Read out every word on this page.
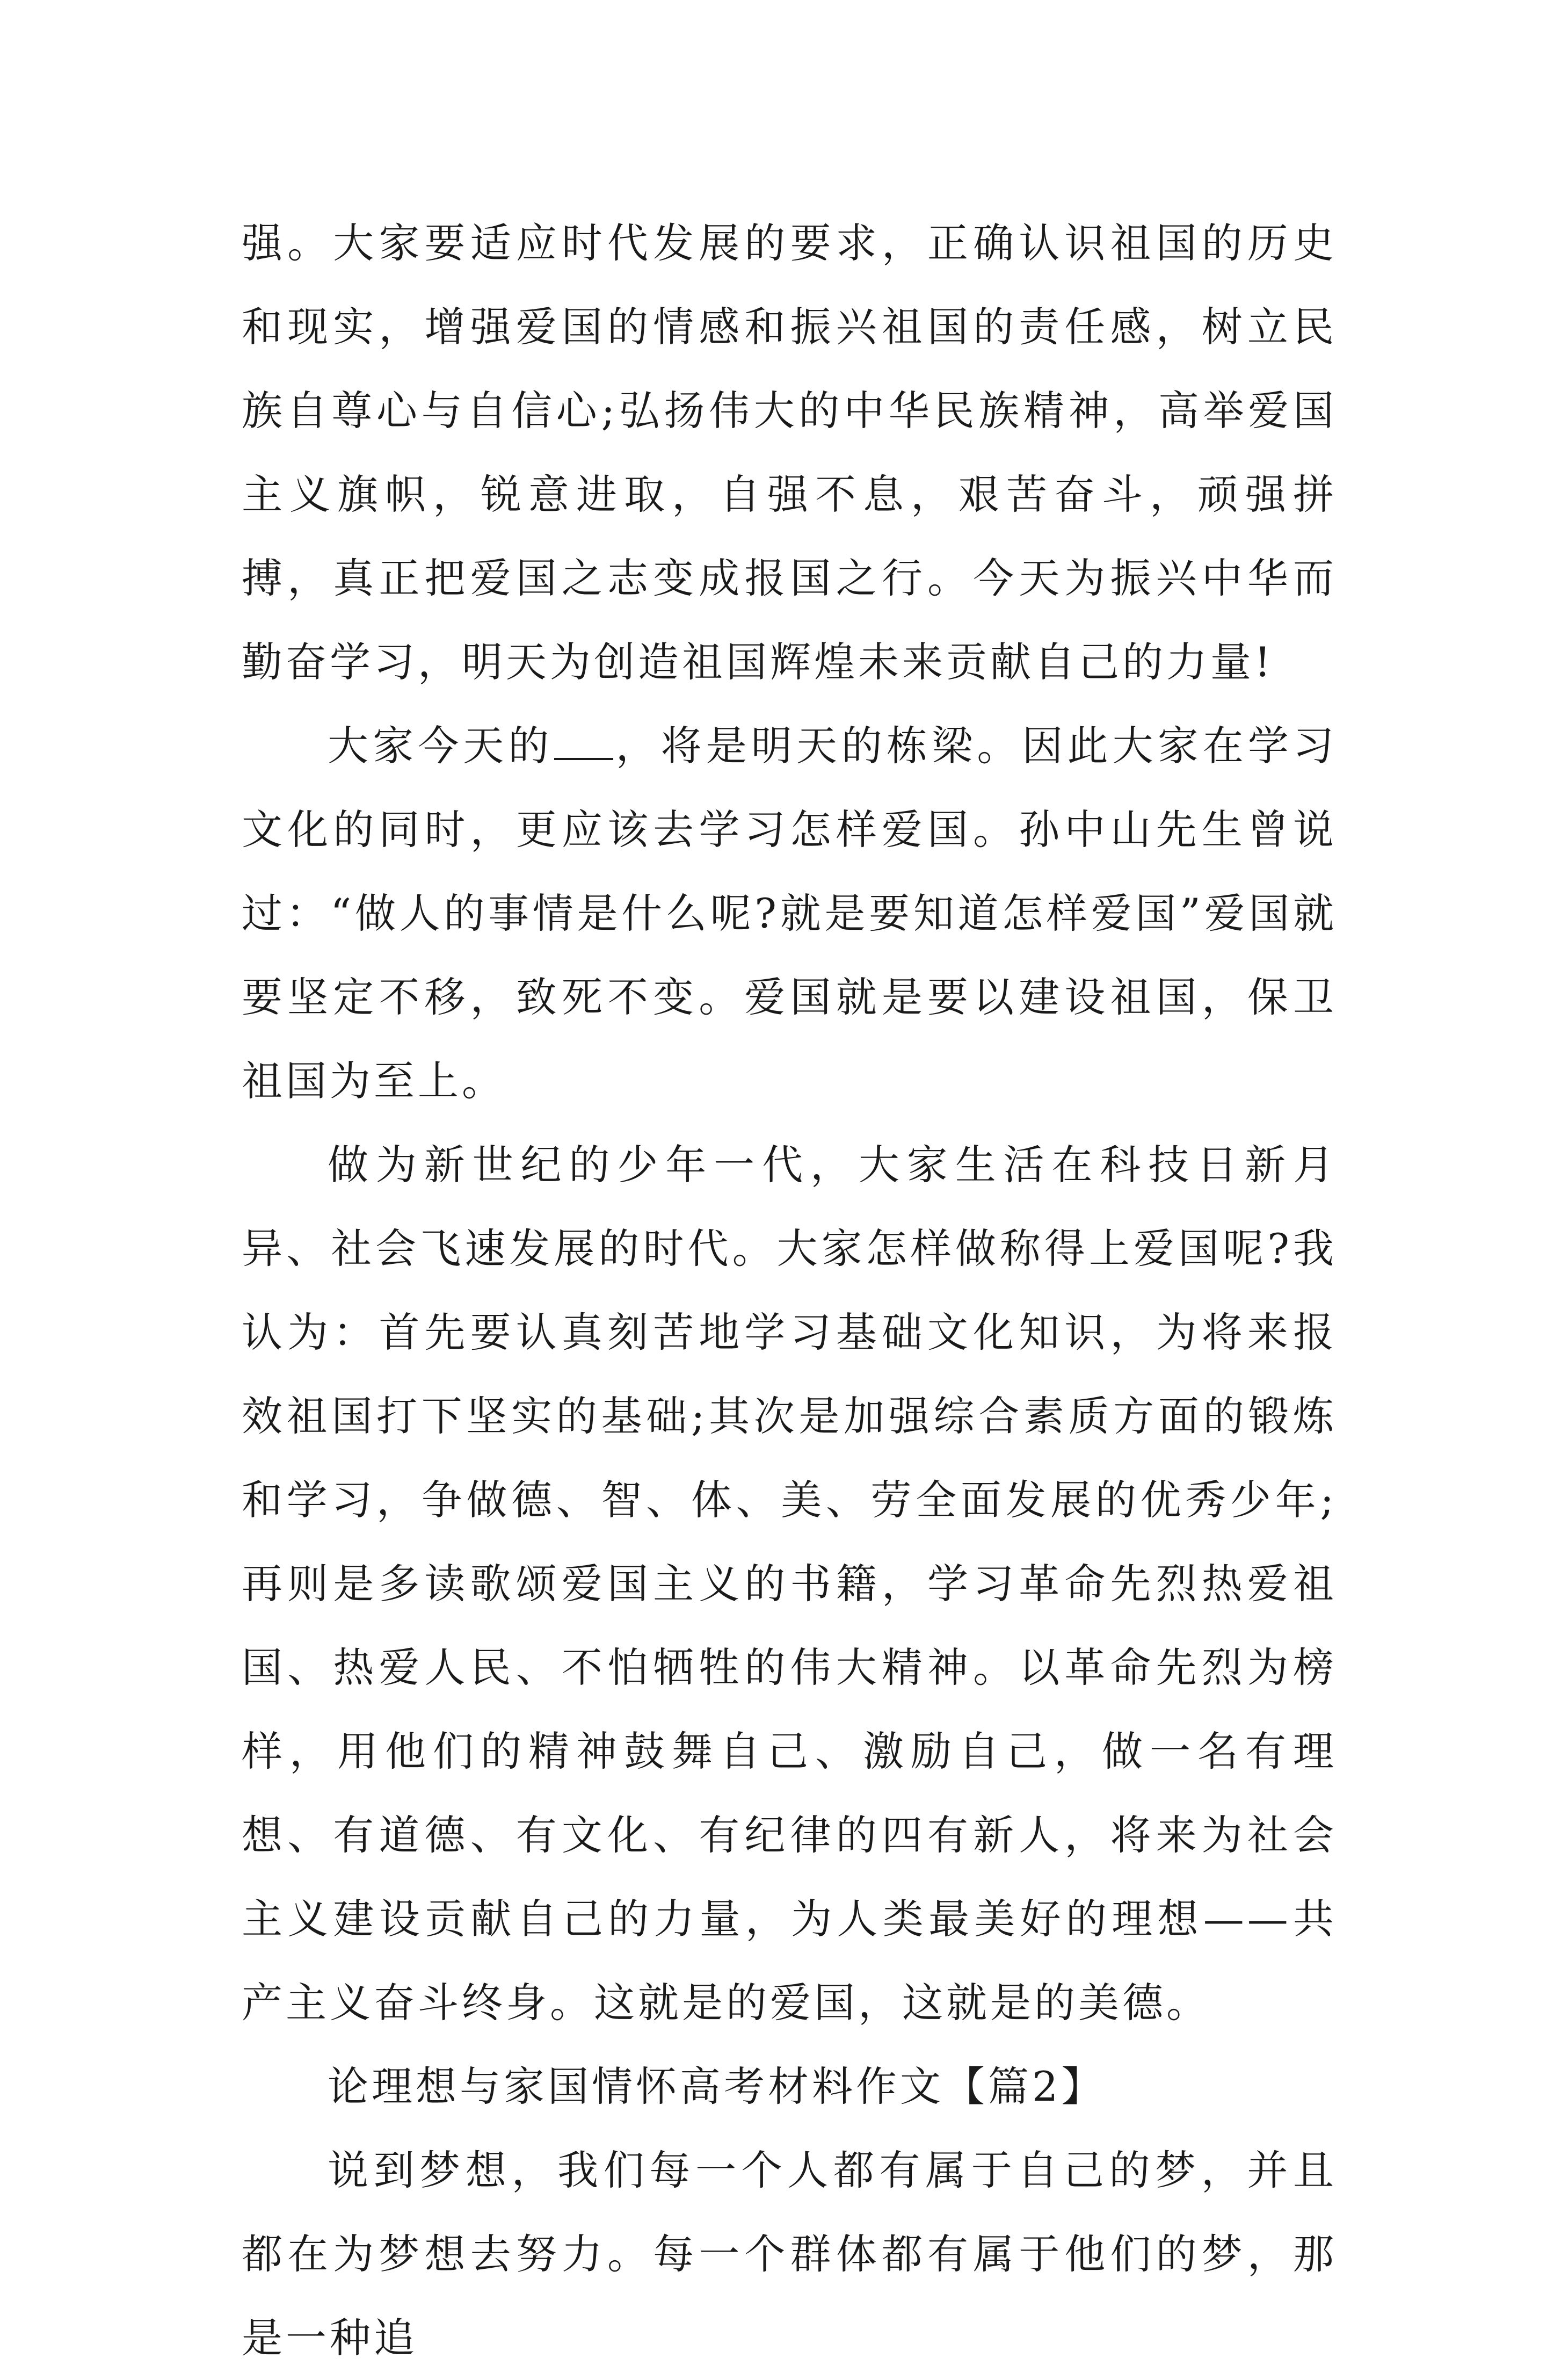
强。大家要适应时代发展的要求，正确认识祖国的历史和现实，增强爱国的情感和振兴祖国的责任感，树立民族自尊心与自信心;弘扬伟大的中华民族精神，高举爱国主义旗帜，锐意进取，自强不息，艰苦奋斗，顽强拼搏，真正把爱国之志变成报国之行。今天为振兴中华而勤奋学习，明天为创造祖国辉煌未来贡献自己的力量!

大家今天的 ，将是明天的栋梁。因此大家在学习文化的同时，更应该去学习怎样爱国。孙中山先生曾说过：“做人的事情是什么呢?就是要知道怎样爱国”爱国就要坚定不移，致死不变。爱国就是要以建设祖国，保卫祖国为至上。

做为新世纪的少年一代，大家生活在科技日新月异、社会飞速发展的时代。大家怎样做称得上爱国呢?我认为：首先要认真刻苦地学习基础文化知识，为将来报效祖国打下坚实的基础;其次是加强综合素质方面的锻炼和学习，争做德、智、体、美、劳全面发展的优秀少年;再则是多读歌颂爱国主义的书籍，学习革命先烈热爱祖国、热爱人民、不怕牺牲的伟大精神。以革命先烈为榜样，用他们的精神鼓舞自己、激励自己，做一名有理想、有道德、有文化、有纪律的四有新人，将来为社会主义建设贡献自己的力量，为人类最美好的理想——共产主义奋斗终身。这就是的爱国，这就是的美德。

论理想与家国情怀高考材料作文【篇2】

说到梦想，我们每一个人都有属于自己的梦，并且都在为梦想去努力。每一个群体都有属于他们的梦，那是一种追
